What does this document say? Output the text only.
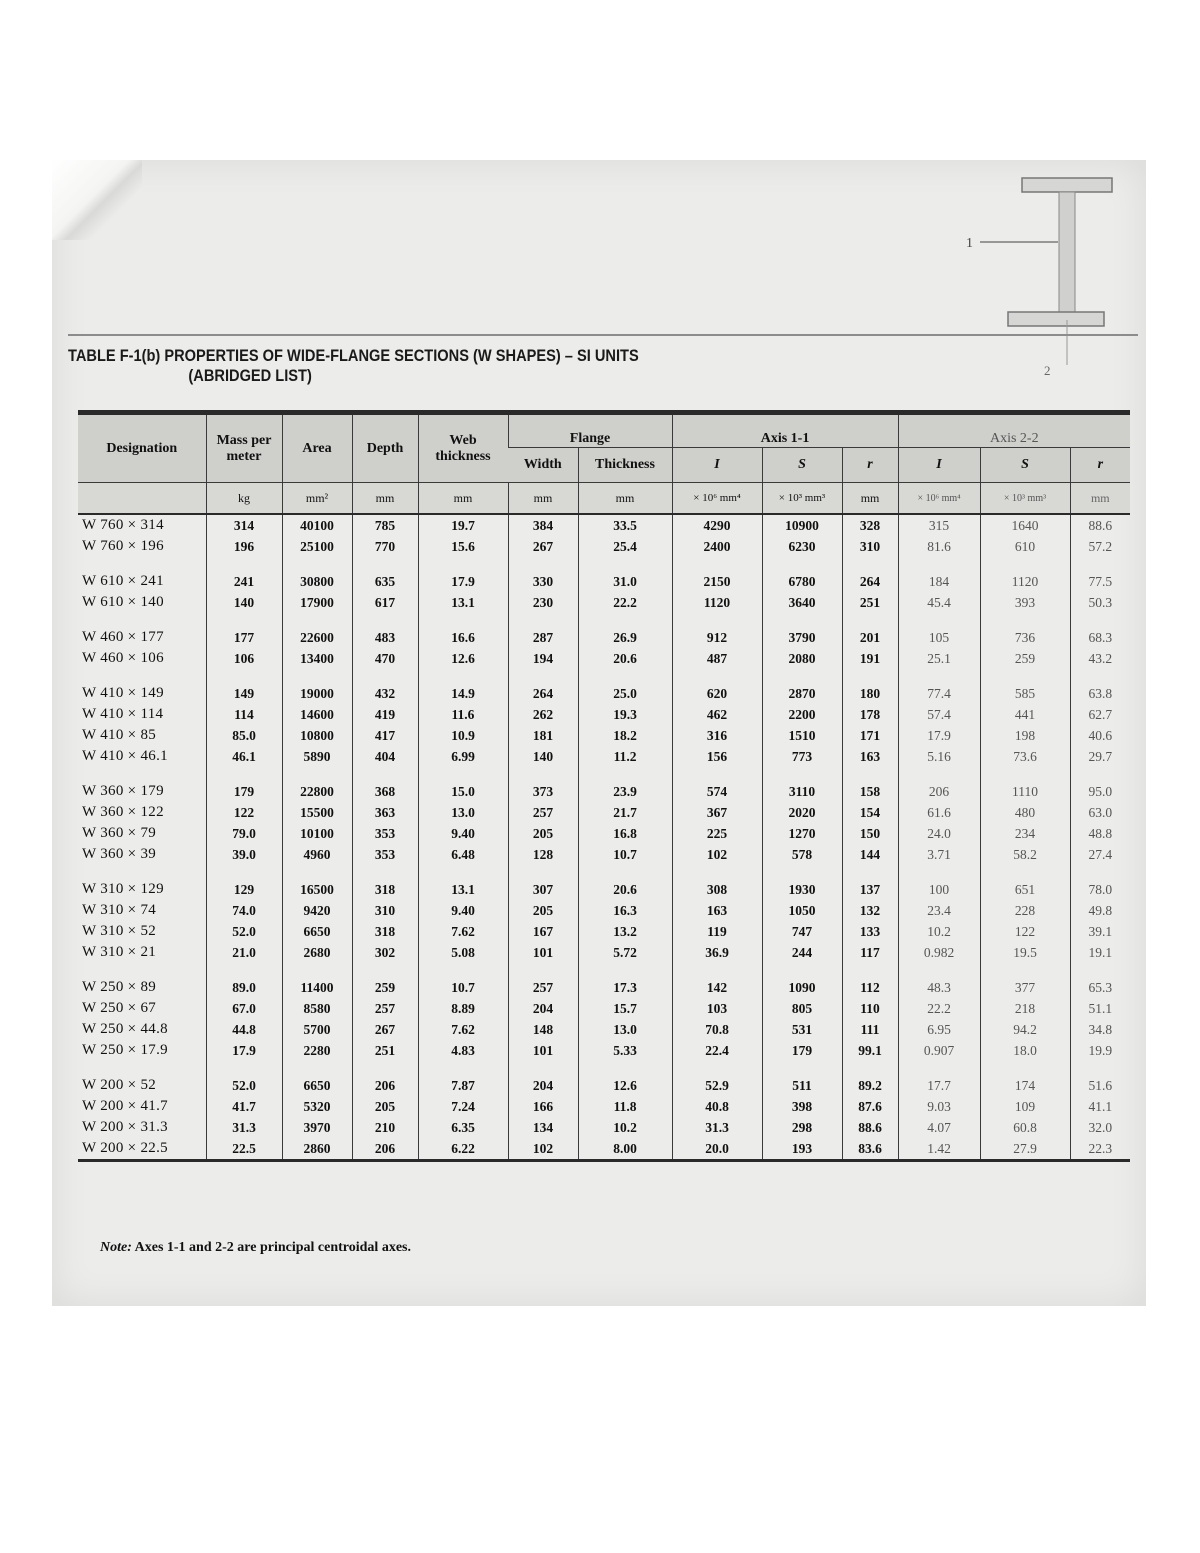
1
2
TABLE F-1(b) PROPERTIES OF WIDE-FLANGE SECTIONS (W SHAPES) – SI UNITS
(ABRIDGED LIST)
Designation	Mass per meter	Area	Depth	Web thickness	Flange		Axis 1-1			Axis 2-2		
					Width	Thickness	I	S	r	I	S	r
	kg	mm²	mm	mm	mm	mm	× 10⁶ mm⁴	× 10³ mm³	mm	× 10⁶ mm⁴	× 10³ mm³	mm
W 760 × 314	314	40100	785	19.7	384	33.5	4290	10900	328	315	1640	88.6
W 760 × 196	196	25100	770	15.6	267	25.4	2400	6230	310	81.6	610	57.2

W 610 × 241	241	30800	635	17.9	330	31.0	2150	6780	264	184	1120	77.5
W 610 × 140	140	17900	617	13.1	230	22.2	1120	3640	251	45.4	393	50.3

W 460 × 177	177	22600	483	16.6	287	26.9	912	3790	201	105	736	68.3
W 460 × 106	106	13400	470	12.6	194	20.6	487	2080	191	25.1	259	43.2

W 410 × 149	149	19000	432	14.9	264	25.0	620	2870	180	77.4	585	63.8
W 410 × 114	114	14600	419	11.6	262	19.3	462	2200	178	57.4	441	62.7
W 410 × 85	85.0	10800	417	10.9	181	18.2	316	1510	171	17.9	198	40.6
W 410 × 46.1	46.1	5890	404	6.99	140	11.2	156	773	163	5.16	73.6	29.7

W 360 × 179	179	22800	368	15.0	373	23.9	574	3110	158	206	1110	95.0
W 360 × 122	122	15500	363	13.0	257	21.7	367	2020	154	61.6	480	63.0
W 360 × 79	79.0	10100	353	9.40	205	16.8	225	1270	150	24.0	234	48.8
W 360 × 39	39.0	4960	353	6.48	128	10.7	102	578	144	3.71	58.2	27.4

W 310 × 129	129	16500	318	13.1	307	20.6	308	1930	137	100	651	78.0
W 310 × 74	74.0	9420	310	9.40	205	16.3	163	1050	132	23.4	228	49.8
W 310 × 52	52.0	6650	318	7.62	167	13.2	119	747	133	10.2	122	39.1
W 310 × 21	21.0	2680	302	5.08	101	5.72	36.9	244	117	0.982	19.5	19.1

W 250 × 89	89.0	11400	259	10.7	257	17.3	142	1090	112	48.3	377	65.3
W 250 × 67	67.0	8580	257	8.89	204	15.7	103	805	110	22.2	218	51.1
W 250 × 44.8	44.8	5700	267	7.62	148	13.0	70.8	531	111	6.95	94.2	34.8
W 250 × 17.9	17.9	2280	251	4.83	101	5.33	22.4	179	99.1	0.907	18.0	19.9

W 200 × 52	52.0	6650	206	7.87	204	12.6	52.9	511	89.2	17.7	174	51.6
W 200 × 41.7	41.7	5320	205	7.24	166	11.8	40.8	398	87.6	9.03	109	41.1
W 200 × 31.3	31.3	3970	210	6.35	134	10.2	31.3	298	88.6	4.07	60.8	32.0
W 200 × 22.5	22.5	2860	206	6.22	102	8.00	20.0	193	83.6	1.42	27.9	22.3
Note: Axes 1-1 and 2-2 are principal centroidal axes.
